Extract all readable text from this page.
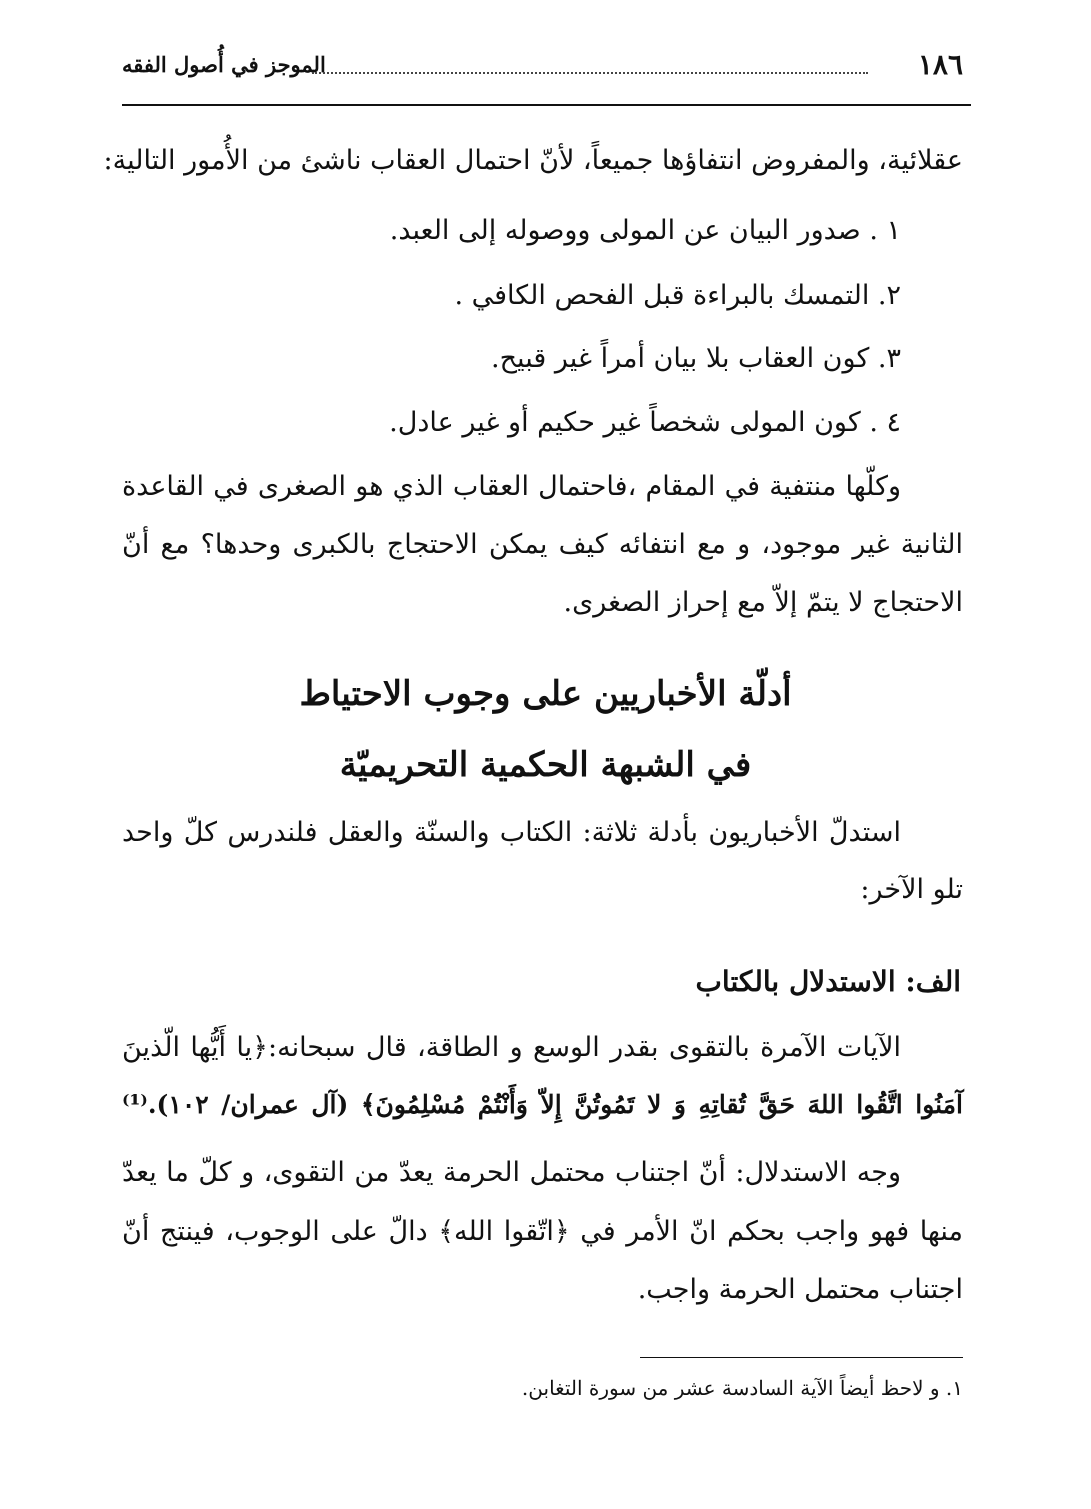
الموجز في أُصول الفقه	١٨٦
عقلائية، والمفروض انتفاؤها جميعاً، لأنّ احتمال العقاب ناشئ من الأُمور التالية:
١ . صدور البيان عن المولى ووصوله إلى العبد.
٢. التمسك بالبراءة قبل الفحص الكافي .
٣. كون العقاب بلا بيان أمراً غير قبيح.
٤ . كون المولى شخصاً غير حكيم أو غير عادل.
وكلّها منتفية في المقام ،فاحتمال العقاب الذي هو الصغرى في القاعدة
الثانية غير موجود، و مع انتفائه كيف يمكن الاحتجاج بالكبرى وحدها؟ مع أنّ
الاحتجاج لا يتمّ إلاّ مع إحراز الصغرى.
أدلّة الأخباريين على وجوب الاحتياط
في الشبهة الحكمية التحريميّة
استدلّ الأخباريون بأدلة ثلاثة: الكتاب والسنّة والعقل فلندرس كلّ واحد
تلو الآخر:
الف: الاستدلال بالكتاب
الآيات الآمرة بالتقوى بقدر الوسع و الطاقة، قال سبحانه:﴿يا أَيُّها الّذينَ
آمَنُوا اتَّقُوا اللهَ حَقَّ تُقاتِهِ وَ لا تَمُوتُنَّ إِلاّ وَأَنْتُمْ مُسْلِمُونَ﴾ (آل عمران/ ١٠٢).⁽¹⁾
وجه الاستدلال: أنّ اجتناب محتمل الحرمة يعدّ من التقوى، و كلّ ما يعدّ
منها فهو واجب بحكم انّ الأمر في ﴿اتّقوا الله﴾ دالّ على الوجوب، فينتج أنّ
اجتناب محتمل الحرمة واجب.
١. و لاحظ أيضاً الآية السادسة عشر من سورة التغابن.
